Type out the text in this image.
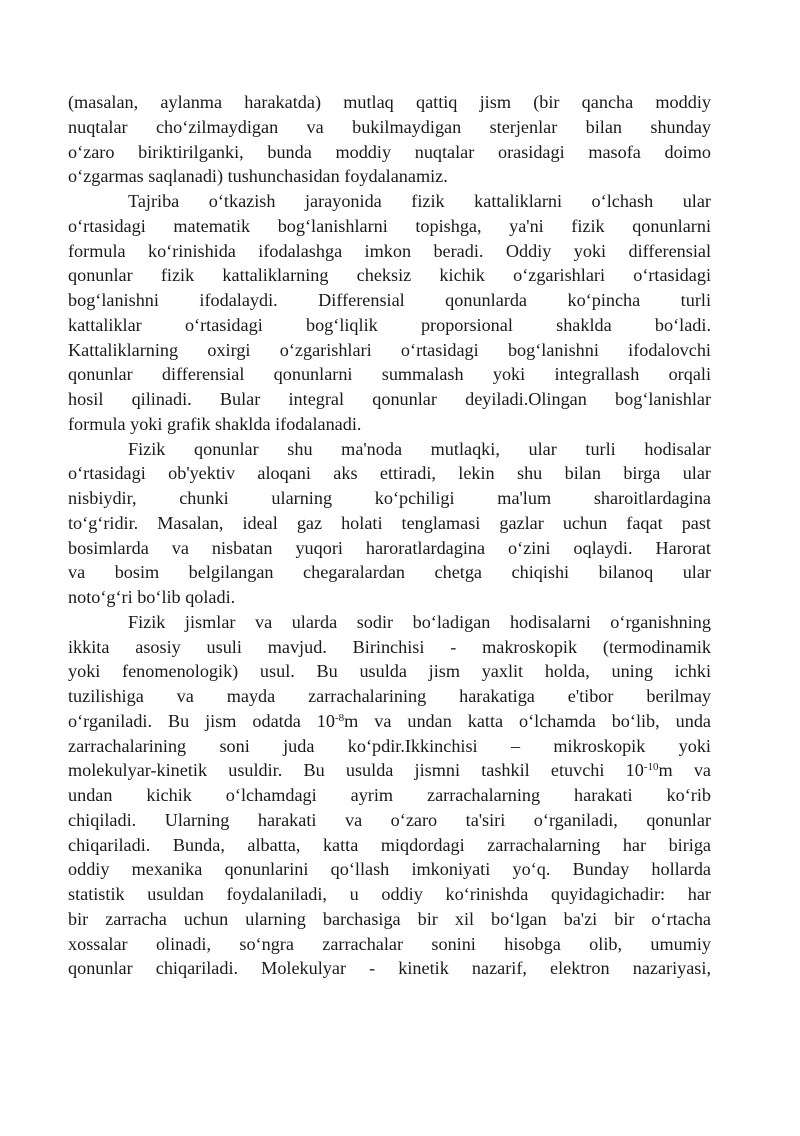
(masalan, aylanma harakatda) mutlaq qattiq jism (bir qancha moddiy
nuqtalar cho‘zilmaydigan va bukilmaydigan sterjenlar bilan shunday
o‘zaro biriktirilganki, bunda moddiy nuqtalar orasidagi masofa doimo
o‘zgarmas saqlanadi) tushunchasidan foydalanamiz.
Tajriba o‘tkazish jarayonida fizik kattaliklarni o‘lchash ular
o‘rtasidagi matematik bog‘lanishlarni topishga, ya'ni fizik qonunlarni
formula ko‘rinishida ifodalashga imkon beradi. Oddiy yoki differensial
qonunlar fizik kattaliklarning cheksiz kichik o‘zgarishlari o‘rtasidagi
bog‘lanishni ifodalaydi. Differensial qonunlarda ko‘pincha turli
kattaliklar o‘rtasidagi bog‘liqlik proporsional shaklda bo‘ladi.
Kattaliklarning oxirgi o‘zgarishlari o‘rtasidagi bog‘lanishni ifodalovchi
qonunlar differensial qonunlarni summalash yoki integrallash orqali
hosil qilinadi. Bular integral qonunlar deyiladi.Olingan bog‘lanishlar
formula yoki grafik shaklda ifodalanadi.
Fizik qonunlar shu ma'noda mutlaqki, ular turli hodisalar
o‘rtasidagi ob'yektiv aloqani aks ettiradi, lekin shu bilan birga ular
nisbiydir, chunki ularning ko‘pchiligi ma'lum sharoitlardagina
to‘g‘ridir. Masalan, ideal gaz holati tenglamasi gazlar uchun faqat past
bosimlarda va nisbatan yuqori haroratlardagina o‘zini oqlaydi. Harorat
va bosim belgilangan chegaralardan chetga chiqishi bilanoq ular
noto‘g‘ri bo‘lib qoladi.
Fizik jismlar va ularda sodir bo‘ladigan hodisalarni o‘rganishning
ikkita asosiy usuli mavjud. Birinchisi - makroskopik (termodinamik
yoki fenomenologik) usul. Bu usulda jism yaxlit holda, uning ichki
tuzilishiga va mayda zarrachalarining harakatiga e'tibor berilmay
o‘rganiladi. Bu jism odatda $10^{-8}m$ va undan katta o‘lchamda bo‘lib, unda
zarrachalarining soni juda ko‘pdir.Ikkinchisi – mikroskopik yoki
molekulyar-kinetik usuldir. Bu usulda jismni tashkil etuvchi $10^{-10}m$ va
undan kichik o‘lchamdagi ayrim zarrachalarning harakati ko‘rib
chiqiladi. Ularning harakati va o‘zaro ta'siri o‘rganiladi, qonunlar
chiqariladi. Bunda, albatta, katta miqdordagi zarrachalarning har biriga
oddiy mexanika qonunlarini qo‘llash imkoniyati yo‘q. Bunday hollarda
statistik usuldan foydalaniladi, u oddiy ko‘rinishda quyidagichadir: har
bir zarracha uchun ularning barchasiga bir xil bo‘lgan ba'zi bir o‘rtacha
xossalar olinadi, so‘ngra zarrachalar sonini hisobga olib, umumiy
qonunlar chiqariladi. Molekulyar - kinetik nazarif, elektron nazariyasi,
